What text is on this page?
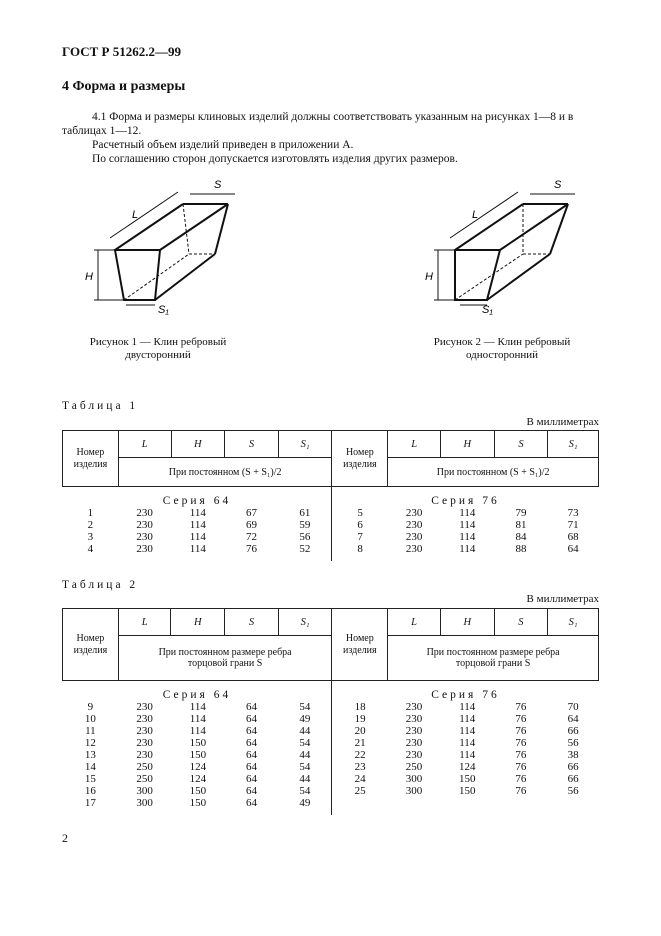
ГОСТ Р 51262.2—99
4 Форма и размеры
4.1 Форма и размеры клиновых изделий должны соответствовать указанным на рисунках 1—8 и в таблицах 1—12.
Расчетный объем изделий приведен в приложении А.
По соглашению сторон допускается изготовлять изделия других размеров.
H
L
S
S₁
Рисунок 1 — Клин ребровый
двусторонний
H
L
S
S₁
Рисунок 2 — Клин ребровый
односторонний
Таблица 1
В миллиметрах
Номер изделия	L	H	S	S₁	Номер изделия	L	H	S	S₁
	При постоянном (S + S₁)/2					При постоянном (S + S₁)/2			
Серия 64					Серия 76				
1	230	114	67	61	5	230	114	79	73
2	230	114	69	59	6	230	114	81	71
3	230	114	72	56	7	230	114	84	68
4	230	114	76	52	8	230	114	88	64

Таблица 2
В миллиметрах
Номер изделия	L	H	S	S₁	Номер изделия	L	H	S	S₁
	При постоянном размере ребра торцовой грани S					При постоянном размере ребра торцовой грани S			
Серия 64					Серия 76				
9	230	114	64	54	18	230	114	76	70
10	230	114	64	49	19	230	114	76	64
11	230	114	64	44	20	230	114	76	66
12	230	150	64	54	21	230	114	76	56
13	230	150	64	44	22	230	114	76	38
14	250	124	64	54	23	250	124	76	66
15	250	124	64	44	24	300	150	76	66
16	300	150	64	54	25	300	150	76	56
17	300	150	64	49					

2
